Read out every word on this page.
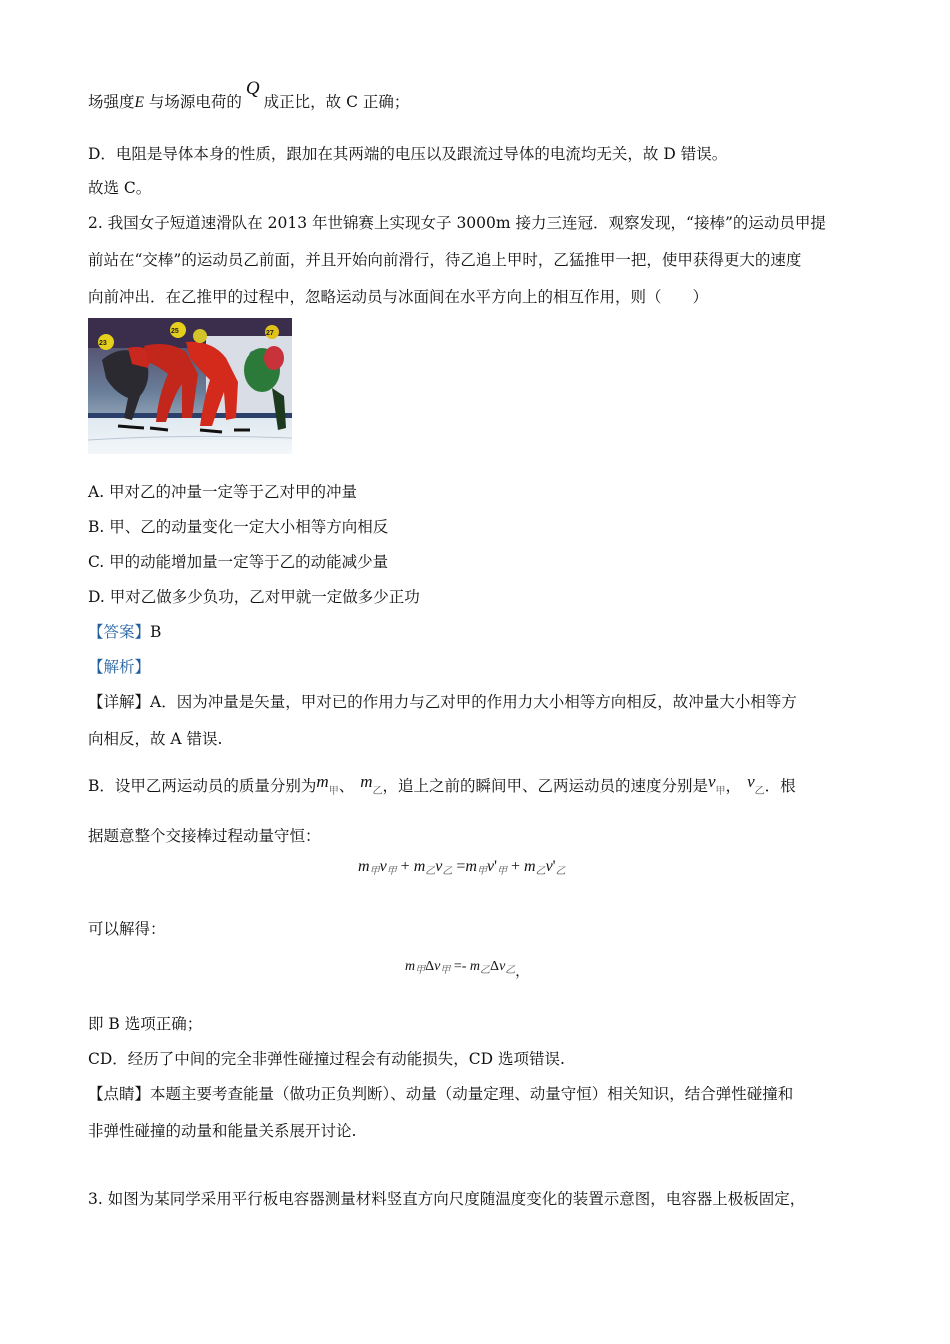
场强度E 与场源电荷的Q成正比，故 C 正确；
D．电阻是导体本身的性质，跟加在其两端的电压以及跟流过导体的电流均无关，故 D 错误。
故选 C。
2. 我国女子短道速滑队在 2013 年世锦赛上实现女子 3000m 接力三连冠．观察发现，“接棒”的运动员甲提
前站在“交棒”的运动员乙前面，并且开始向前滑行，待乙追上甲时，乙猛推甲一把，使甲获得更大的速度
向前冲出．在乙推甲的过程中，忽略运动员与冰面间在水平方向上的相互作用，则（　　）
27
23
25
A. 甲对乙的冲量一定等于乙对甲的冲量
B. 甲、乙的动量变化一定大小相等方向相反
C. 甲的动能增加量一定等于乙的动能减少量
D. 甲对乙做多少负功，乙对甲就一定做多少正功
【答案】B
【解析】
【详解】A．因为冲量是矢量，甲对已的作用力与乙对甲的作用力大小相等方向相反，故冲量大小相等方
向相反，故 A 错误.
B．设甲乙两运动员的质量分别为$m_甲$、 $m_乙$，追上之前的瞬间甲、乙两运动员的速度分别是$v_甲$， $v_乙$．根
据题意整个交接棒过程动量守恒：
$m_甲v_甲 + m_乙v_乙 =m_甲v'_甲 + m_乙v'_乙$
可以解得：
$m_甲\Delta v_甲 =- m_乙\Delta v_乙$，
即 B 选项正确；
CD．经历了中间的完全非弹性碰撞过程会有动能损失，CD 选项错误.
【点睛】本题主要考查能量（做功正负判断）、动量（动量定理、动量守恒）相关知识，结合弹性碰撞和
非弹性碰撞的动量和能量关系展开讨论.
3. 如图为某同学采用平行板电容器测量材料竖直方向尺度随温度变化的装置示意图，电容器上极板固定，
